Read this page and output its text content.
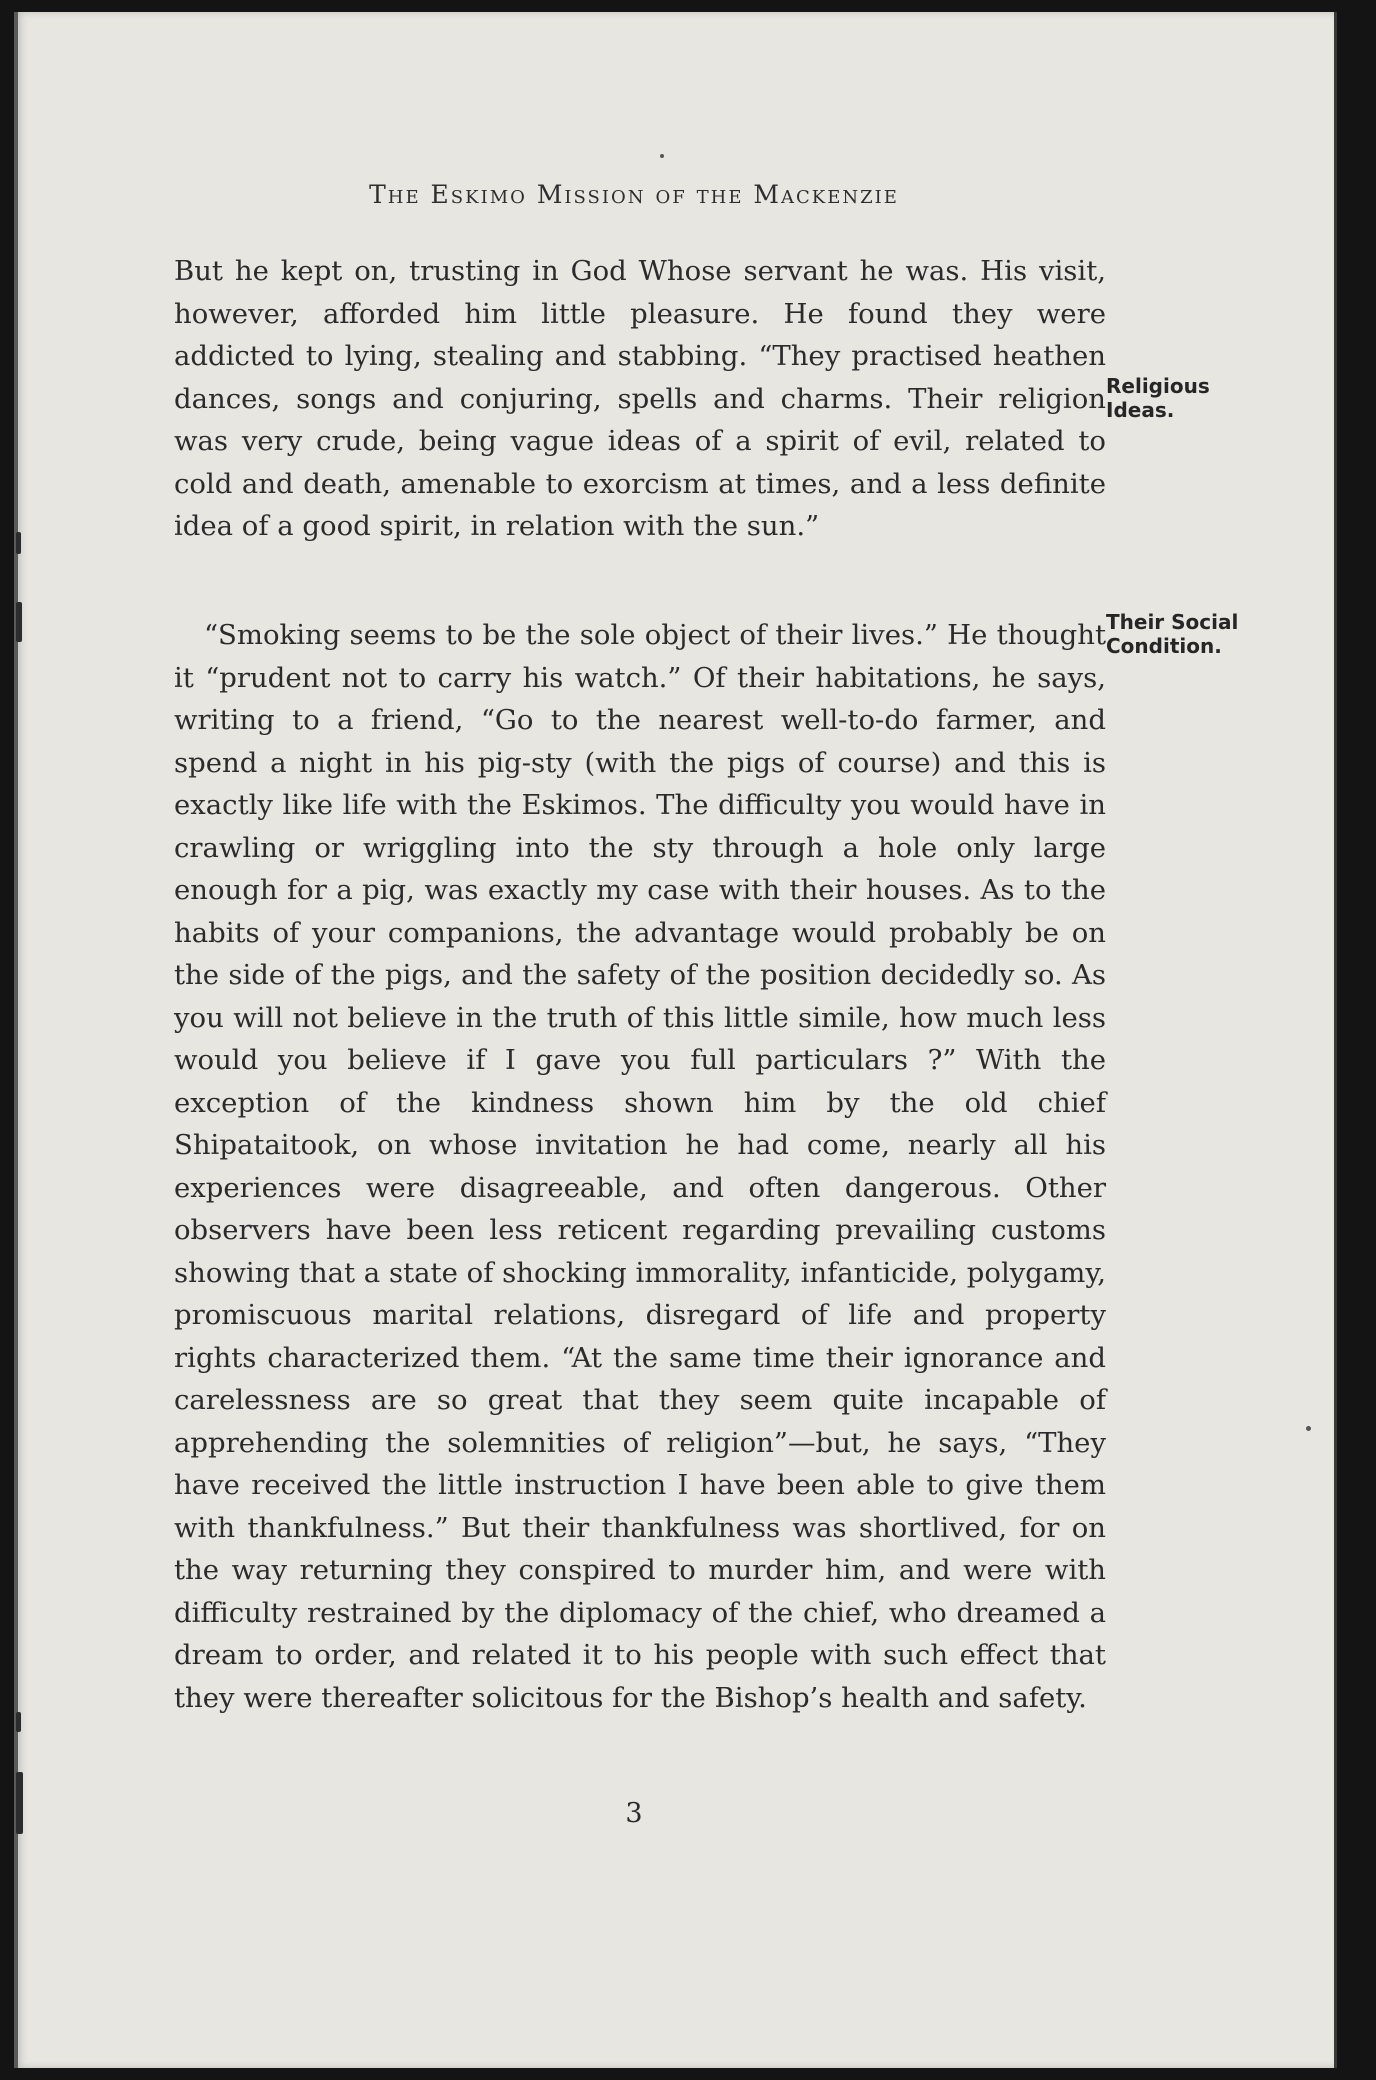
The Eskimo Mission of the Mackenzie

But he kept on, trusting in God Whose servant he was. His visit, however, afforded him little pleasure. He found they were addicted to lying, stealing and stabbing. “They practised heathen dances, songs and conjuring, spells and charms. Their religion was very crude, being vague ideas of a spirit of evil, related to cold and death, amenable to exorcism at times, and a less definite idea of a good spirit, in relation with the sun.”

Religious
Ideas.

“Smoking seems to be the sole object of their lives.” He thought it “prudent not to carry his watch.” Of their habitations, he says, writing to a friend, “Go to the nearest well-to-do farmer, and spend a night in his pig-sty (with the pigs of course) and this is exactly like life with the Eskimos. The difficulty you would have in crawling or wriggling into the sty through a hole only large enough for a pig, was exactly my case with their houses. As to the habits of your companions, the advantage would probably be on the side of the pigs, and the safety of the position decidedly so. As you will not believe in the truth of this little simile, how much less would you believe if I gave you full particulars ?” With the exception of the kindness shown him by the old chief Shipataitook, on whose invitation he had come, nearly all his experiences were disagreeable, and often dangerous. Other observers have been less reticent regarding prevailing customs showing that a state of shocking immorality, infanticide, polygamy, promiscuous marital relations, disregard of life and property rights characterized them. “At the same time their ignorance and carelessness are so great that they seem quite incapable of apprehending the solemnities of religion”—but, he says, “They have received the little instruction I have been able to give them with thankfulness.” But their thankfulness was shortlived, for on the way returning they conspired to murder him, and were with difficulty restrained by the diplomacy of the chief, who dreamed a dream to order, and related it to his people with such effect that they were thereafter solicitous for the Bishop’s health and safety.

Their Social
Condition.
3
